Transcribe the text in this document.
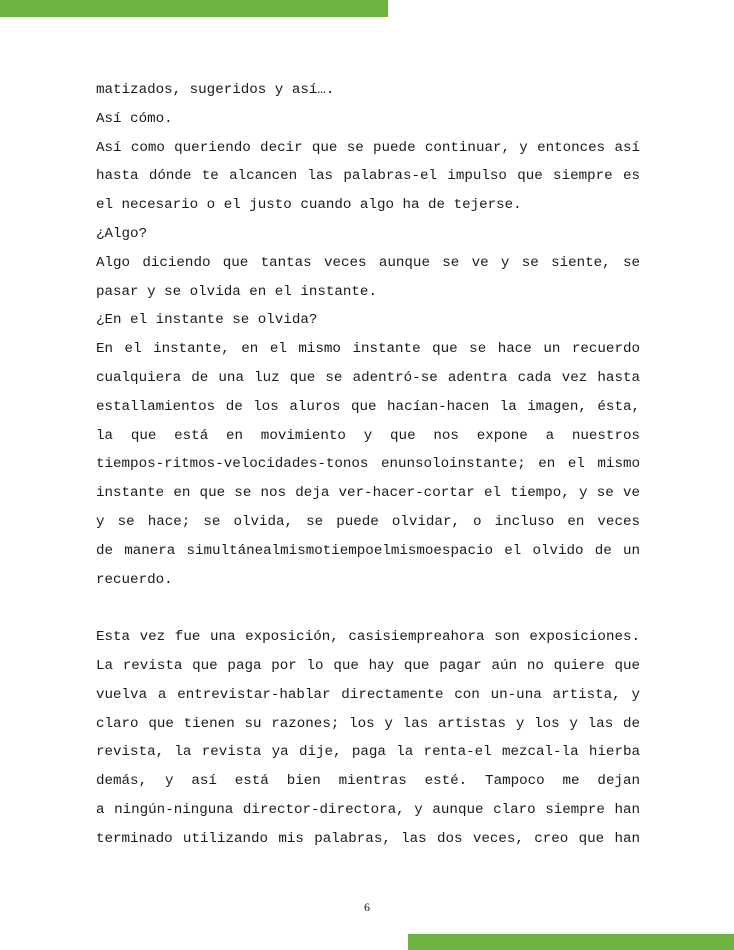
matizados, sugeridos y así….
Así cómo.
Así como queriendo decir que se puede continuar, y entonces así
hasta dónde te alcancen las palabras-el impulso que siempre es
el necesario o el justo cuando algo ha de tejerse.
¿Algo?
Algo diciendo que tantas veces aunque se ve y se siente, se
pasar y se olvida en el instante.
¿En el instante se olvida?
En el instante, en el mismo instante que se hace un recuerdo
cualquiera de una luz que se adentró-se adentra cada vez hasta
estallamientos de los aluros que hacían-hacen la imagen, ésta,
la que está en movimiento y que nos expone a nuestros
tiempos-ritmos-velocidades-tonos enunsoloinstante; en el mismo
instante en que se nos deja ver-hacer-cortar el tiempo, y se ve
y se hace; se olvida, se puede olvidar, o incluso en veces
de manera simultánealmismotiempoelmismoespacio el olvido de un
recuerdo.
Esta vez fue una exposición, casisiempreahora son exposiciones.
La revista que paga por lo que hay que pagar aún no quiere que
vuelva a entrevistar-hablar directamente con un-una artista, y
claro que tienen su razones; los y las artistas y los y las de
revista, la revista ya dije, paga la renta-el mezcal-la hierba
demás, y así está bien mientras esté. Tampoco me dejan
a ningún-ninguna director-directora, y aunque claro siempre han
terminado utilizando mis palabras, las dos veces, creo que han
6
